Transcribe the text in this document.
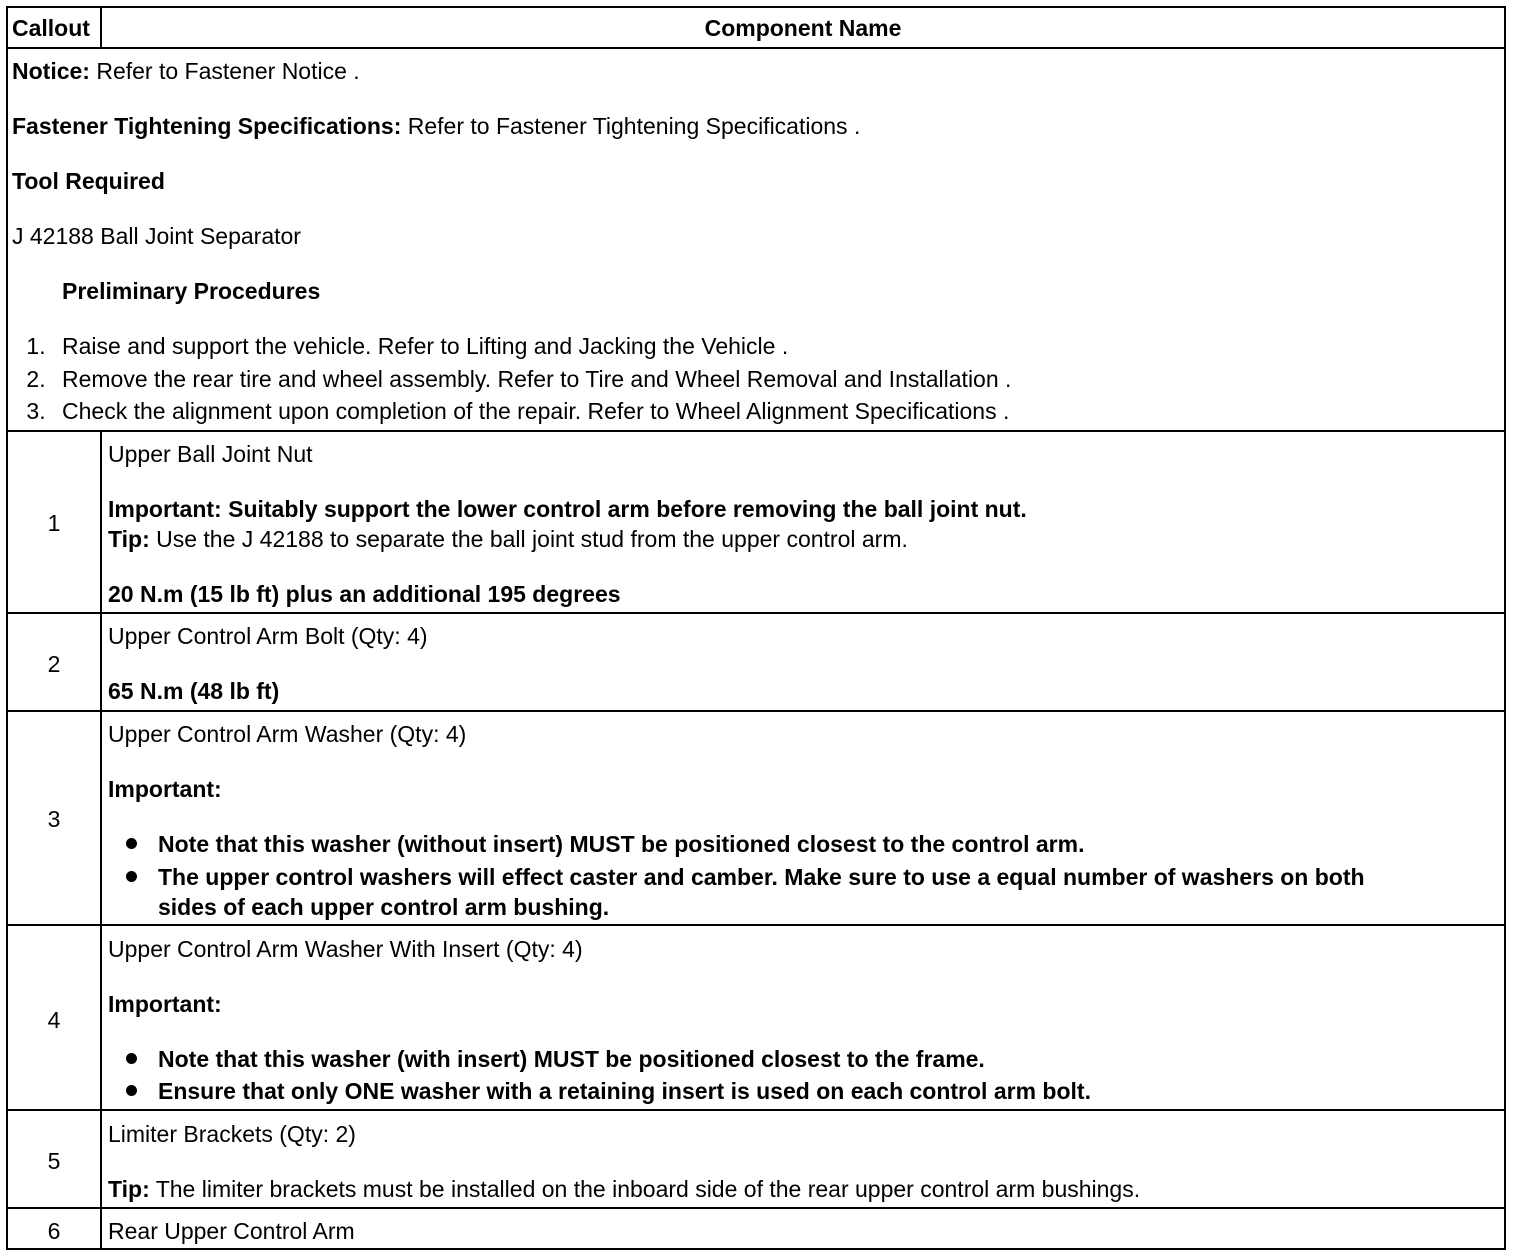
Callout	Component Name
Notice: Refer to Fastener Notice .
Fastener Tightening Specifications: Refer to Fastener Tightening Specifications .
Tool Required
J 42188 Ball Joint Separator
Preliminary Procedures
1. Raise and support the vehicle. Refer to Lifting and Jacking the Vehicle .
2. Remove the rear tire and wheel assembly. Refer to Tire and Wheel Removal and Installation .
3. Check the alignment upon completion of the repair. Refer to Wheel Alignment Specifications .
1
Upper Ball Joint Nut
Important: Suitably support the lower control arm before removing the ball joint nut.
Tip: Use the J 42188 to separate the ball joint stud from the upper control arm.
20 N.m (15 lb ft) plus an additional 195 degrees
2
Upper Control Arm Bolt (Qty: 4)
65 N.m (48 lb ft)
3
Upper Control Arm Washer (Qty: 4)
Important:
Note that this washer (without insert) MUST be positioned closest to the control arm.
The upper control washers will effect caster and camber. Make sure to use a equal number of washers on both
sides of each upper control arm bushing.
4
Upper Control Arm Washer With Insert (Qty: 4)
Important:
Note that this washer (with insert) MUST be positioned closest to the frame.
Ensure that only ONE washer with a retaining insert is used on each control arm bolt.
5
Limiter Brackets (Qty: 2)
Tip: The limiter brackets must be installed on the inboard side of the rear upper control arm bushings.
6	Rear Upper Control Arm
